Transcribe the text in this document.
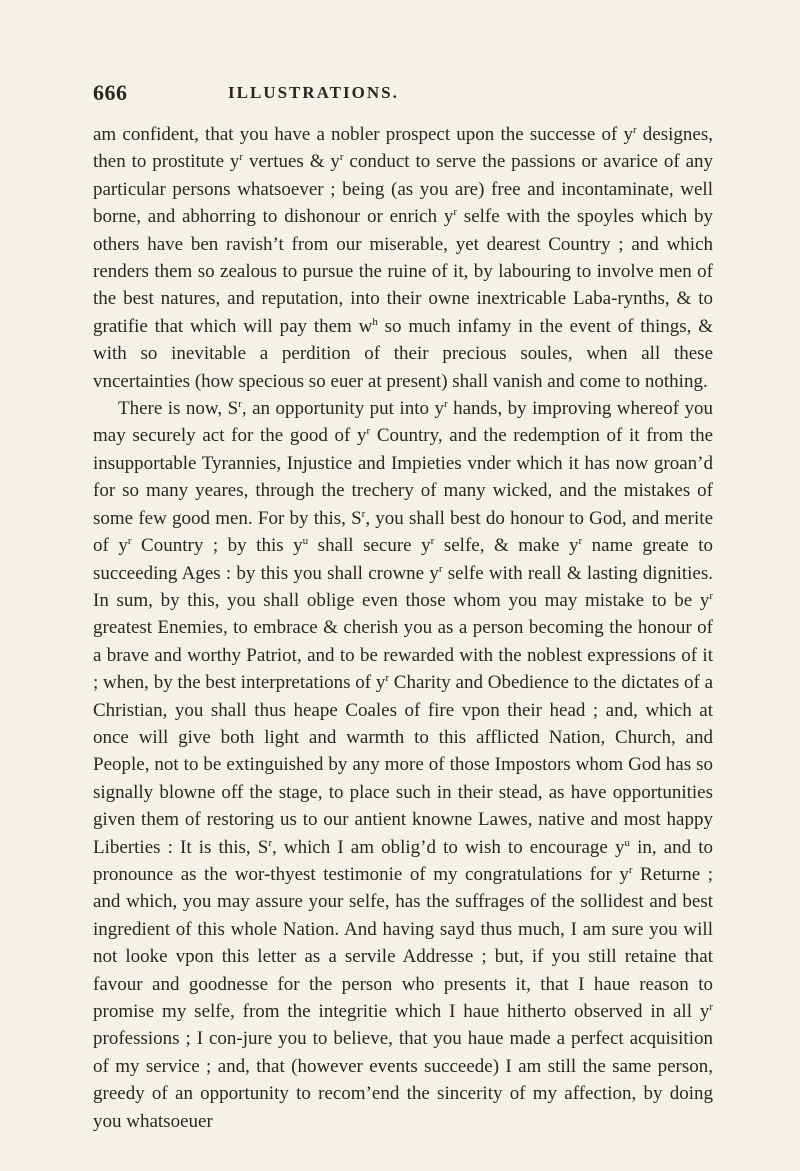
666	ILLUSTRATIONS.

am confident, that you have a nobler prospect upon the successe of $y^r$ designes, then to prostitute $y^r$ vertues & $y^r$ conduct to serve the passions or avarice of any particular persons whatsoever ; being (as you are) free and incontaminate, well borne, and abhorring to dishonour or enrich $y^r$ selfe with the spoyles which by others have ben ravish’t from our miserable, yet dearest Country ; and which renders them so zealous to pursue the ruine of it, by labouring to involve men of the best natures, and reputation, into their owne inextricable Laba-rynths, & to gratifie that which will pay them $w^h$ so much infamy in the event of things, & with so inevitable a perdition of their precious soules, when all these vncertainties (how specious so euer at present) shall vanish and come to nothing.

There is now, $S^r$, an opportunity put into $y^r$ hands, by improving whereof you may securely act for the good of $y^r$ Country, and the redemption of it from the insupportable Tyrannies, Injustice and Impieties vnder which it has now groan’d for so many yeares, through the trechery of many wicked, and the mistakes of some few good men. For by this, $S^r$, you shall best do honour to God, and merite of $y^r$ Country ; by this $y^u$ shall secure $y^r$ selfe, & make $y^r$ name greate to succeeding Ages : by this you shall crowne $y^r$ selfe with reall & lasting dignities. In sum, by this, you shall oblige even those whom you may mistake to be $y^r$ greatest Enemies, to embrace & cherish you as a person becoming the honour of a brave and worthy Patriot, and to be rewarded with the noblest expressions of it ; when, by the best interpretations of $y^r$ Charity and Obedience to the dictates of a Christian, you shall thus heape Coales of fire vpon their head ; and, which at once will give both light and warmth to this afflicted Nation, Church, and People, not to be extinguished by any more of those Impostors whom God has so signally blowne off the stage, to place such in their stead, as have opportunities given them of restoring us to our antient knowne Lawes, native and most happy Liberties : It is this, $S^r$, which I am oblig’d to wish to encourage $y^u$ in, and to pronounce as the wor-thyest testimonie of my congratulations for $y^r$ Returne ; and which, you may assure your selfe, has the suffrages of the sollidest and best ingredient of this whole Nation. And having sayd thus much, I am sure you will not looke vpon this letter as a servile Addresse ; but, if you still retaine that favour and goodnesse for the person who presents it, that I haue reason to promise my selfe, from the integritie which I haue hitherto observed in all $y^r$ professions ; I con-jure you to believe, that you haue made a perfect acquisition of my service ; and, that (however events succeede) I am still the same person, greedy of an opportunity to recom’end the sincerity of my affection, by doing you whatsoeuer
